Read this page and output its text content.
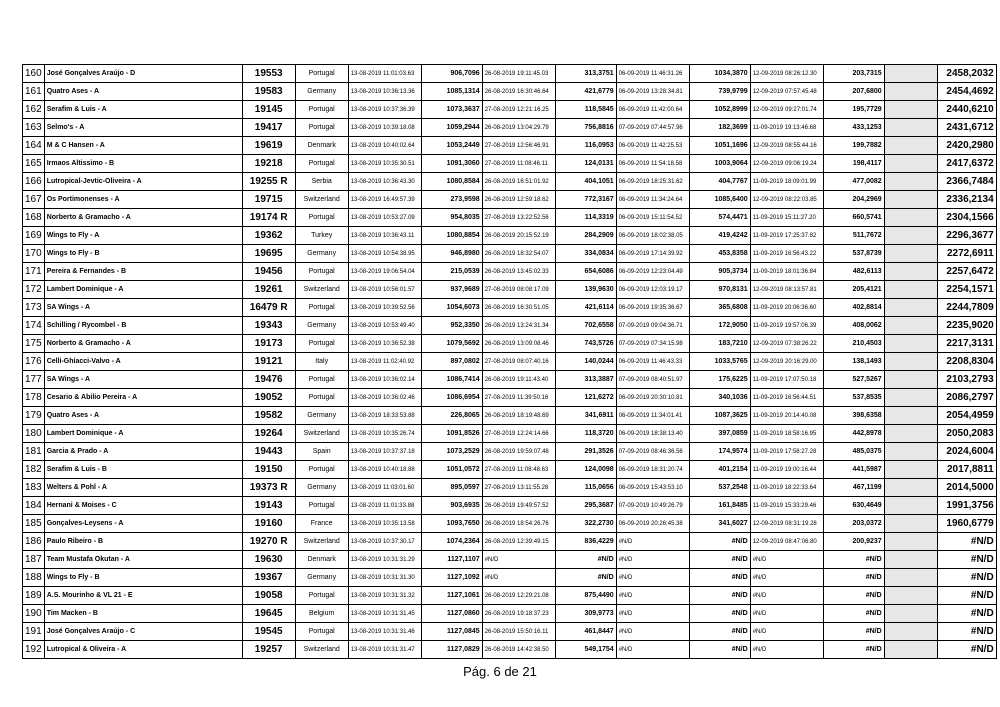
160	José Gonçalves Araújo - D	19553	Portugal	13-08-2019 11:01:03.63	906,7096	26-08-2019 19:11:45.03	313,3751	06-09-2019 11:46:31.26	1034,3870	12-09-2019 08:26:12.30	203,7315		2458,2032
161	Quatro Ases - A	19583	Germany	13-08-2019 10:36:13.36	1085,1314	26-08-2019 16:30:46.64	421,6779	06-09-2019 13:28:34.81	739,9799	12-09-2019 07:57:45.48	207,6800		2454,4692
162	Serafim & Luis - A	19145	Portugal	13-08-2019 10:37:36.39	1073,3637	27-08-2019 12:21:16.25	118,5845	06-09-2019 11:42:00.64	1052,8999	12-09-2019 09:27:01.74	195,7729		2440,6210
163	Selmo's - A	19417	Portugal	13-08-2019 10:39:18.08	1059,2944	26-08-2019 13:04:29.79	756,8816	07-09-2019 07:44:57.96	182,3699	11-09-2019 19:13:46.68	433,1253		2431,6712
164	M & C Hansen - A	19619	Denmark	13-08-2019 10:40:02.64	1053,2449	27-08-2019 12:56:46.91	116,0953	06-09-2019 11:42:25.53	1051,1696	12-09-2019 08:55:44.16	199,7882		2420,2980
165	Irmaos Altissimo - B	19218	Portugal	13-08-2019 10:35:30.51	1091,3060	27-08-2019 11:08:46.11	124,0131	06-09-2019 11:54:18.58	1003,9064	12-09-2019 09:06:19.24	198,4117		2417,6372
166	Lutropical-Jevtic-Oliveira - A	19255 R	Serbia	13-08-2019 10:36:43.30	1080,8584	26-08-2019 16:51:01.92	404,1051	06-09-2019 18:25:31.62	404,7767	11-09-2019 18:09:01.99	477,0082		2366,7484
167	Os Portimonenses - A	19715	Switzerland	13-08-2019 16:49:57.39	273,9598	26-08-2019 12:59:18.62	772,3167	06-09-2019 11:34:24.64	1085,6400	12-09-2019 08:22:03.85	204,2969		2336,2134
168	Norberto & Gramacho - A	19174 R	Portugal	13-08-2019 10:53:27.09	954,8035	27-08-2019 13:22:52.56	114,3319	06-09-2019 15:11:54.52	574,4471	11-09-2019 15:11:27.20	660,5741		2304,1566
169	Wings to Fly - A	19362	Turkey	13-08-2019 10:36:43.11	1080,8854	26-08-2019 20:15:52.19	284,2909	06-09-2019 18:02:38.05	419,4242	11-09-2019 17:25:37.82	511,7672		2296,3677
170	Wings to Fly - B	19695	Germany	13-08-2019 10:54:38.95	946,8980	26-08-2019 18:32:54.07	334,0834	06-09-2019 17:14:39.92	453,8358	11-09-2019 16:56:43.22	537,8739		2272,6911
171	Pereira & Fernandes - B	19456	Portugal	13-08-2019 19:06:54.04	215,0539	26-08-2019 13:45:02.33	654,6086	06-09-2019 12:23:04.49	905,3734	11-09-2019 18:01:36.84	482,6113		2257,6472
172	Lambert Dominique - A	19261	Switzerland	13-08-2019 10:56:01.57	937,9689	27-08-2019 08:08:17.09	139,9630	06-09-2019 12:03:19.17	970,8131	12-09-2019 08:13:57.81	205,4121		2254,1571
173	SA Wings - A	16479 R	Portugal	13-08-2019 10:39:52.56	1054,6073	26-08-2019 16:30:51.05	421,6114	06-09-2019 19:35:36.67	365,6808	11-09-2019 20:06:36.60	402,8814		2244,7809
174	Schilling / Rycombel - B	19343	Germany	13-08-2019 10:53:49.40	952,3350	26-08-2019 13:24:31.34	702,6558	07-09-2019 09:04:36.71	172,9050	11-09-2019 19:57:06.39	408,0062		2235,9020
175	Norberto & Gramacho - A	19173	Portugal	13-08-2019 10:36:52.38	1079,5692	26-08-2019 13:09:08.46	743,5726	07-09-2019 07:34:15.98	183,7210	12-09-2019 07:38:26.22	210,4503		2217,3131
176	Celli-Ghiacci-Valvo - A	19121	Italy	13-08-2019 11:02:40.92	897,0802	27-08-2019 08:07:40.16	140,0244	06-09-2019 11:46:43.33	1033,5765	12-09-2019 20:16:29.00	138,1493		2208,8304
177	SA Wings - A	19476	Portugal	13-08-2019 10:36:02.14	1086,7414	26-08-2019 19:11:43.40	313,3887	07-09-2019 08:40:51.97	175,6225	11-09-2019 17:07:50.18	527,5267		2103,2793
178	Cesario & Abilio Pereira - A	19052	Portugal	13-08-2019 10:36:02.46	1086,6954	27-08-2019 11:39:50.16	121,6272	06-09-2019 20:30:10.81	340,1036	11-09-2019 16:56:44.51	537,8535		2086,2797
179	Quatro Ases - A	19582	Germany	13-08-2019 18:33:53.88	226,8065	26-08-2019 18:19:48.69	341,6911	06-09-2019 11:34:01.41	1087,3625	11-09-2019 20:14:40.08	398,6358		2054,4959
180	Lambert Dominique - A	19264	Switzerland	13-08-2019 10:35:26.74	1091,8526	27-08-2019 12:24:14.66	118,3720	06-09-2019 18:38:13.40	397,0859	11-09-2019 18:58:16.95	442,8978		2050,2083
181	Garcia & Prado - A	19443	Spain	13-08-2019 10:37:37.18	1073,2529	26-08-2019 19:59:07.48	291,3526	07-09-2019 08:46:36.56	174,9574	11-09-2019 17:58:27.28	485,0375		2024,6004
182	Serafim & Luis - B	19150	Portugal	13-08-2019 10:40:18.88	1051,0572	27-08-2019 11:08:48.63	124,0098	06-09-2019 18:31:20.74	401,2154	11-09-2019 19:00:16.44	441,5987		2017,8811
183	Welters & Pohl - A	19373 R	Germany	13-08-2019 11:03:01.60	895,0597	27-08-2019 13:11:55.28	115,0656	06-09-2019 15:43:53.10	537,2548	11-09-2019 18:22:33.64	467,1199		2014,5000
184	Hernani & Moises - C	19143	Portugal	13-08-2019 11:01:33.88	903,6935	26-08-2019 19:49:57.52	295,3687	07-09-2019 10:49:26.79	161,8485	11-09-2019 15:33:29.46	630,4649		1991,3756
185	Gonçalves-Leysens - A	19160	France	13-08-2019 10:35:13.58	1093,7650	26-08-2019 18:54:26.76	322,2730	06-09-2019 20:26:45.38	341,6027	12-09-2019 08:31:19.28	203,0372		1960,6779
186	Paulo Ribeiro - B	19270 R	Switzerland	13-08-2019 10:37:30.17	1074,2364	26-08-2019 12:39:49.15	836,4229	#N/D	#N/D	12-09-2019 08:47:06.80	200,9237		#N/D
187	Team Mustafa Okutan - A	19630	Denmark	13-08-2019 10:31:31.29	1127,1107	#N/D	#N/D	#N/D	#N/D	#N/D	#N/D		#N/D
188	Wings to Fly - B	19367	Germany	13-08-2019 10:31:31.30	1127,1092	#N/D	#N/D	#N/D	#N/D	#N/D	#N/D		#N/D
189	A.S. Mourinho & VL 21 - E	19058	Portugal	13-08-2019 10:31:31.32	1127,1061	26-08-2019 12:29:21.08	875,4490	#N/D	#N/D	#N/D	#N/D		#N/D
190	Tim Macken - B	19645	Belgium	13-08-2019 10:31:31.45	1127,0860	26-08-2019 19:18:37.23	309,9773	#N/D	#N/D	#N/D	#N/D		#N/D
191	José Gonçalves Araújo - C	19545	Portugal	13-08-2019 10:31:31.46	1127,0845	26-08-2019 15:50:16.11	461,8447	#N/D	#N/D	#N/D	#N/D		#N/D
192	Lutropical & Oliveira - A	19257	Switzerland	13-08-2019 10:31:31.47	1127,0829	26-08-2019 14:42:38.50	549,1754	#N/D	#N/D	#N/D	#N/D		#N/D
Pág. 6 de 21
